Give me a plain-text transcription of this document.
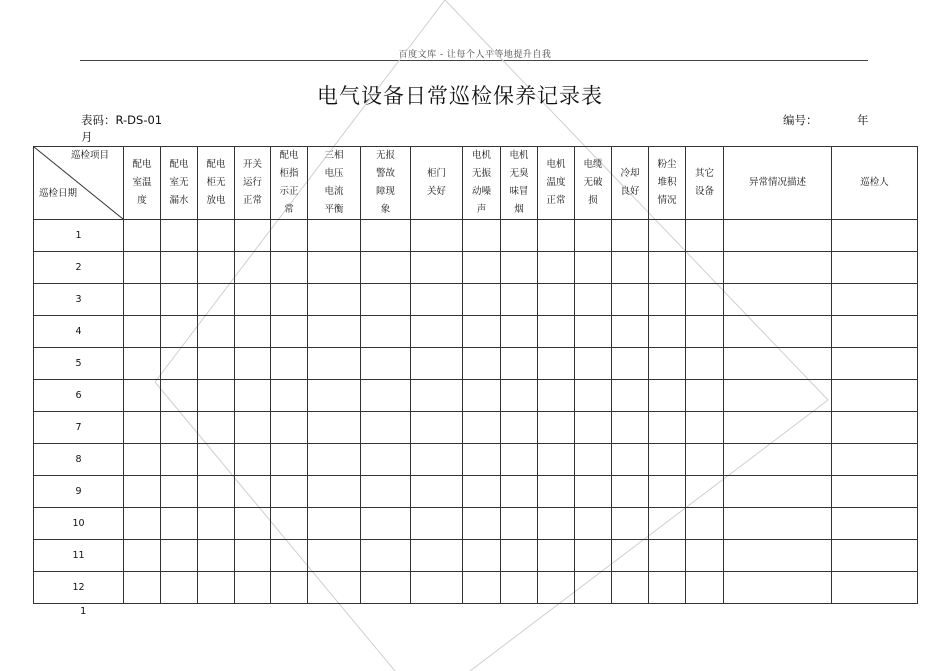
百度文库 - 让每个人平等地提升自我
电气设备日常巡检保养记录表
表码：R-DS-01
月
编号：	年
巡检项目
巡检日期	配电室温度	配电室无漏水	配电柜无放电	开关运行正常	配电柜指示正常	三相电压电流平衡	无报警故障现象	柜门关好	电机无振动噪声	电机无臭味冒烟	电机温度正常	电缆无破损	冷却良好	粉尘堆积情况	其它设备	异常情况描述	巡检人
1																	
2																	
3																	
4																	
5																	
6																	
7																	
8																	
9																	
10																	
11																	
12																	
1
